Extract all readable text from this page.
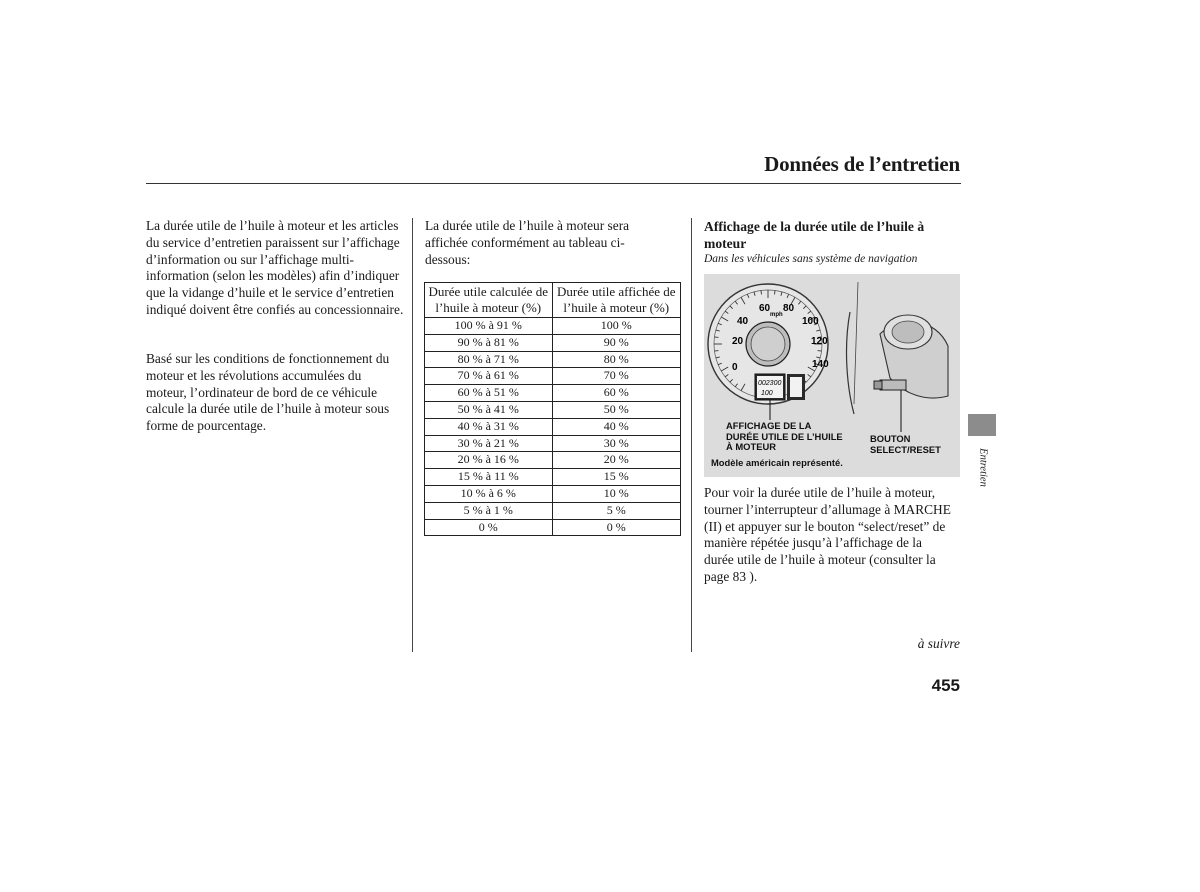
Données de l’entretien
La durée utile de l’huile à moteur et les articles du service d’entretien paraissent sur l’affichage d’information ou sur l’affichage multi-information (selon les modèles) afin d’indiquer que la vidange d’huile et le service d’entretien indiqué doivent être confiés au concessionnaire.
Basé sur les conditions de fonctionnement du moteur et les révolutions accumulées du moteur, l’ordinateur de bord de ce véhicule calcule la durée utile de l’huile à moteur sous forme de pourcentage.
La durée utile de l’huile à moteur sera affichée conformément au tableau ci-dessous:
Durée utile calculée de l’huile à moteur (%)	Durée utile affichée de l’huile à moteur (%)
100 % à 91 %	100 %
90 % à 81 %	90 %
80 % à 71 %	80 %
70 % à 61 %	70 %
60 % à 51 %	60 %
50 % à 41 %	50 %
40 % à 31 %	40 %
30 % à 21 %	30 %
20 % à 16 %	20 %
15 % à 11 %	15 %
10 % à 6 %	10 %
5 % à 1 %	5 %
0 %	0 %
Affichage de la durée utile de l’huile à moteur
Dans les véhicules sans système de navigation
20
40
60 80
100
120
140
0
mph
002300
100
AFFICHAGE DE LA DURÉE UTILE DE L’HUILE À MOTEUR
BOUTON SELECT/RESET
Modèle américain représenté.
Pour voir la durée utile de l’huile à moteur, tourner l’interrupteur d’allumage à MARCHE (II) et appuyer sur le bouton “select/reset” de manière répétée jusqu’à l’affichage de la durée utile de l’huile à moteur (consulter la page 83 ).
Entretien
à suivre
455
